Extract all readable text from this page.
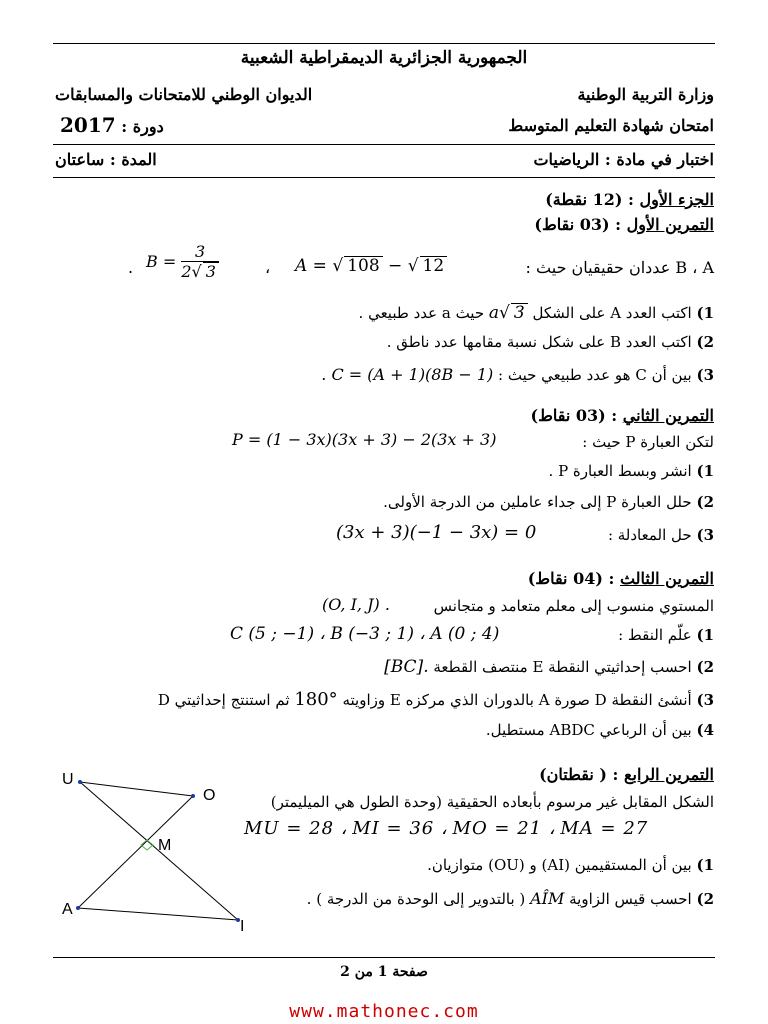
الجمهورية الجزائرية الديمقراطية الشعبية
وزارة التربية الوطنية
الديوان الوطني للامتحانات والمسابقات
امتحان شهادة التعليم المتوسط
دورة : 2017
اختبار في مادة : الرياضيات
المدة : ساعتان
الجزء الأول : (12 نقطة)
التمرين الأول : (03 نقاط)
B ، A عددان حقيقيان حيث :
A = √ 108 − √ 12
،
$B = \frac{3}{2√ 3}$
.
1) اكتب العدد A على الشكل a√ 3 حيث a عدد طبيعي .
2) اكتب العدد B على شكل نسبة مقامها عدد ناطق .
3) بين أن C هو عدد طبيعي حيث : . C = (A + 1)(8B − 1)
التمرين الثاني : (03 نقاط)
لتكن العبارة P حيث :
P = (1 − 3x)(3x + 3) − 2(3x + 3)
1) انشر وبسط العبارة P .
2) حلل العبارة P إلى جداء عاملين من الدرجة الأولى.
3) حل المعادلة :
(3x + 3)(−1 − 3x) = 0
التمرين الثالث : (04 نقاط)
المستوي منسوب إلى معلم متعامد و متجانس
(O, I, J) .
1) علّم النقط :
C (5 ; −1) ، B (−3 ; 1) ، A (0 ; 4)
2) احسب إحداثيتي النقطة E منتصف القطعة [BC].
3) أنشئ النقطة D صورة A بالدوران الذي مركزه E وزاويته 180° ثم استنتج إحداثيتي D
4) بين أن الرباعي ABDC مستطيل.
التمرين الرابع : ( نقطتان)
الشكل المقابل غير مرسوم بأبعاده الحقيقية (وحدة الطول هي الميليمتر)
MU = 28 ، MI = 36 ، MO = 21 ، MA = 27
1) بين أن المستقيمين (AI) و (OU) متوازيان.
2) احسب قيس الزاوية AÎM ( بالتدوير إلى الوحدة من الدرجة ) .
U
O
M
A
I
صفحة 1 من 2
www.mathonec.com
